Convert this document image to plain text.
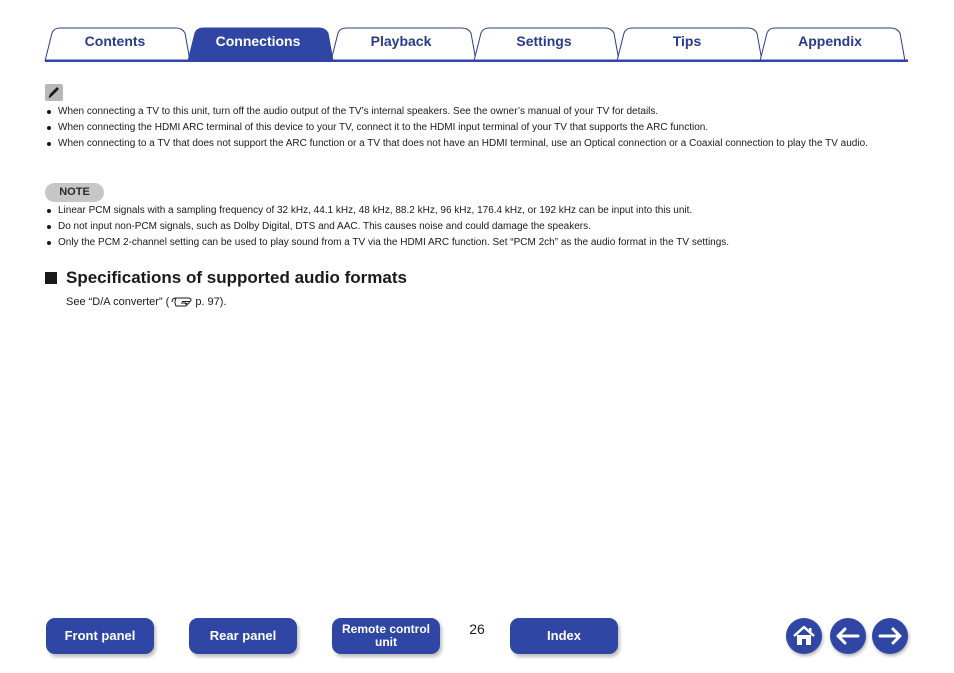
Contents	Connections	Playback	Settings	Tips	Appendix
When connecting a TV to this unit, turn off the audio output of the TV’s internal speakers. See the owner’s manual of your TV for details.
When connecting the HDMI ARC terminal of this device to your TV, connect it to the HDMI input terminal of your TV that supports the ARC function.
When connecting to a TV that does not support the ARC function or a TV that does not have an HDMI terminal, use an Optical connection or a Coaxial connection to play the TV audio.
NOTE
Linear PCM signals with a sampling frequency of 32 kHz, 44.1 kHz, 48 kHz, 88.2 kHz, 96 kHz, 176.4 kHz, or 192 kHz can be input into this unit.
Do not input non-PCM signals, such as Dolby Digital, DTS and AAC. This causes noise and could damage the speakers.
Only the PCM 2-channel setting can be used to play sound from a TV via the HDMI ARC function. Set “PCM 2ch” as the audio format in the TV settings.
Specifications of supported audio formats
See “D/A converter” ( p. 97).
Front panel	Rear panel	Remote control unit
26	Index
